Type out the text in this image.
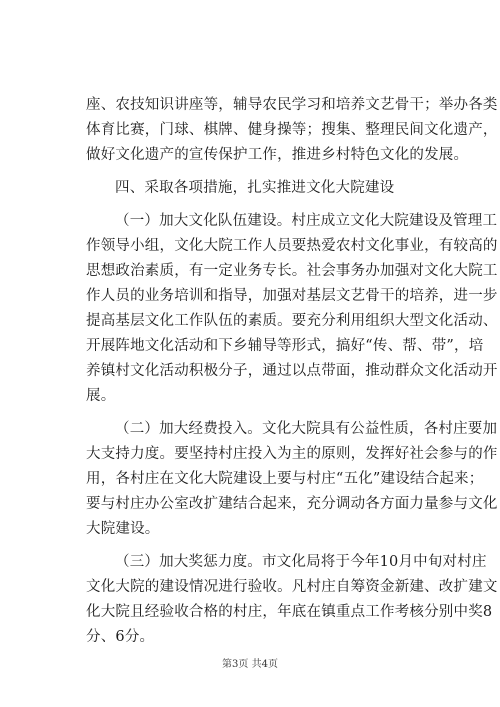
座、农技知识讲座等，辅导农民学习和培养文艺骨干；举办各类
体育比赛，门球、棋牌、健身操等；搜集、整理民间文化遗产，
做好文化遗产的宣传保护工作，推进乡村特色文化的发展。
四、采取各项措施，扎实推进文化大院建设
（一）加大文化队伍建设。村庄成立文化大院建设及管理工
作领导小组，文化大院工作人员要热爱农村文化事业，有较高的
思想政治素质，有一定业务专长。社会事务办加强对文化大院工
作人员的业务培训和指导，加强对基层文艺骨干的培养，进一步
提高基层文化工作队伍的素质。要充分利用组织大型文化活动、
开展阵地文化活动和下乡辅导等形式，搞好“传、帮、带”，培
养镇村文化活动积极分子，通过以点带面，推动群众文化活动开
展。
（二）加大经费投入。文化大院具有公益性质，各村庄要加
大支持力度。要坚持村庄投入为主的原则，发挥好社会参与的作
用，各村庄在文化大院建设上要与村庄“五化”建设结合起来；
要与村庄办公室改扩建结合起来，充分调动各方面力量参与文化
大院建设。
（三）加大奖惩力度。市文化局将于今年10月中旬对村庄
文化大院的建设情况进行验收。凡村庄自筹资金新建、改扩建文
化大院且经验收合格的村庄，年底在镇重点工作考核分别中奖8
分、6分。
第3页 共4页
